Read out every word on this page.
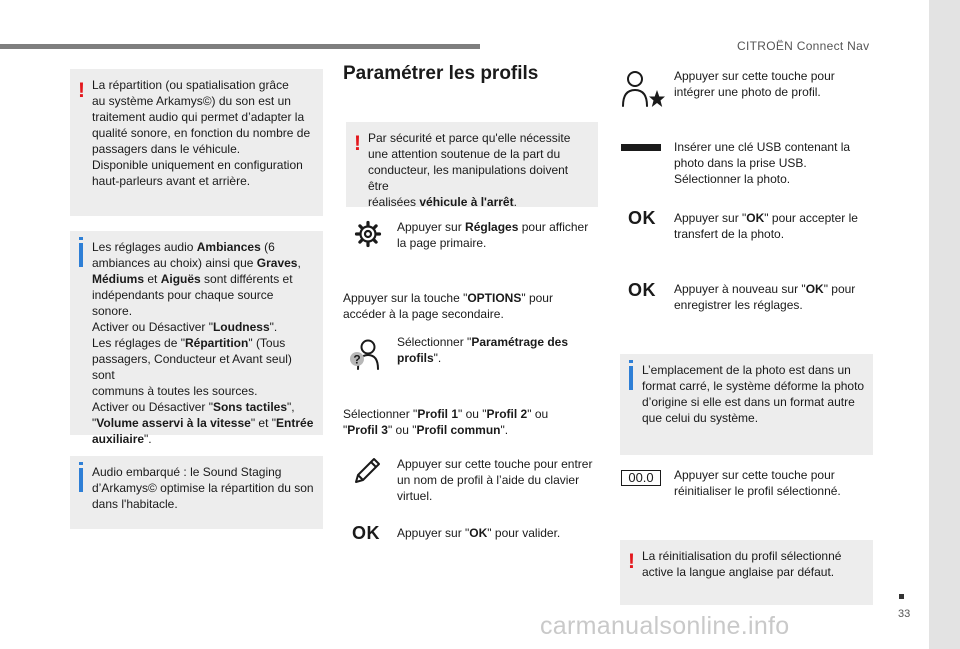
CITROËN Connect Nav
! La répartition (ou spatialisation grâce
au système Arkamys©) du son est un
traitement audio qui permet d’adapter la
qualité sonore, en fonction du nombre de
passagers dans le véhicule.
Disponible uniquement en configuration
haut-parleurs avant et arrière.
Les réglages audio Ambiances (6
ambiances au choix) ainsi que Graves,
Médiums et Aiguës sont différents et
indépendants pour chaque source sonore.
Activer ou Désactiver "Loudness".
Les réglages de "Répartition" (Tous
passagers, Conducteur et Avant seul) sont
communs à toutes les sources.
Activer ou Désactiver "Sons tactiles",
"Volume asservi à la vitesse" et "Entrée
auxiliaire".
Audio embarqué : le Sound Staging
d’Arkamys© optimise la répartition du son
dans l'habitacle.
Paramétrer les profils
! Par sécurité et parce qu'elle nécessite
une attention soutenue de la part du
conducteur, les manipulations doivent être
réalisées véhicule à l'arrêt.
Appuyer sur Réglages pour afficher
la page primaire.
Appuyer sur la touche "OPTIONS" pour
accéder à la page secondaire.
?
Sélectionner "Paramétrage des
profils".
Sélectionner "Profil 1" ou "Profil 2" ou
"Profil 3" ou "Profil commun".
Appuyer sur cette touche pour entrer
un nom de profil à l’aide du clavier
virtuel.
OK Appuyer sur "OK" pour valider.
Appuyer sur cette touche pour
intégrer une photo de profil.
Insérer une clé USB contenant la
photo dans la prise USB.
Sélectionner la photo.
OK Appuyer sur "OK" pour accepter le
transfert de la photo.
OK Appuyer à nouveau sur "OK" pour
enregistrer les réglages.
L’emplacement de la photo est dans un
format carré, le système déforme la photo
d’origine si elle est dans un format autre
que celui du système.
00.0	Appuyer sur cette touche pour
réinitialiser le profil sélectionné.
! La réinitialisation du profil sélectionné
active la langue anglaise par défaut.
33
carmanualsonline.info
